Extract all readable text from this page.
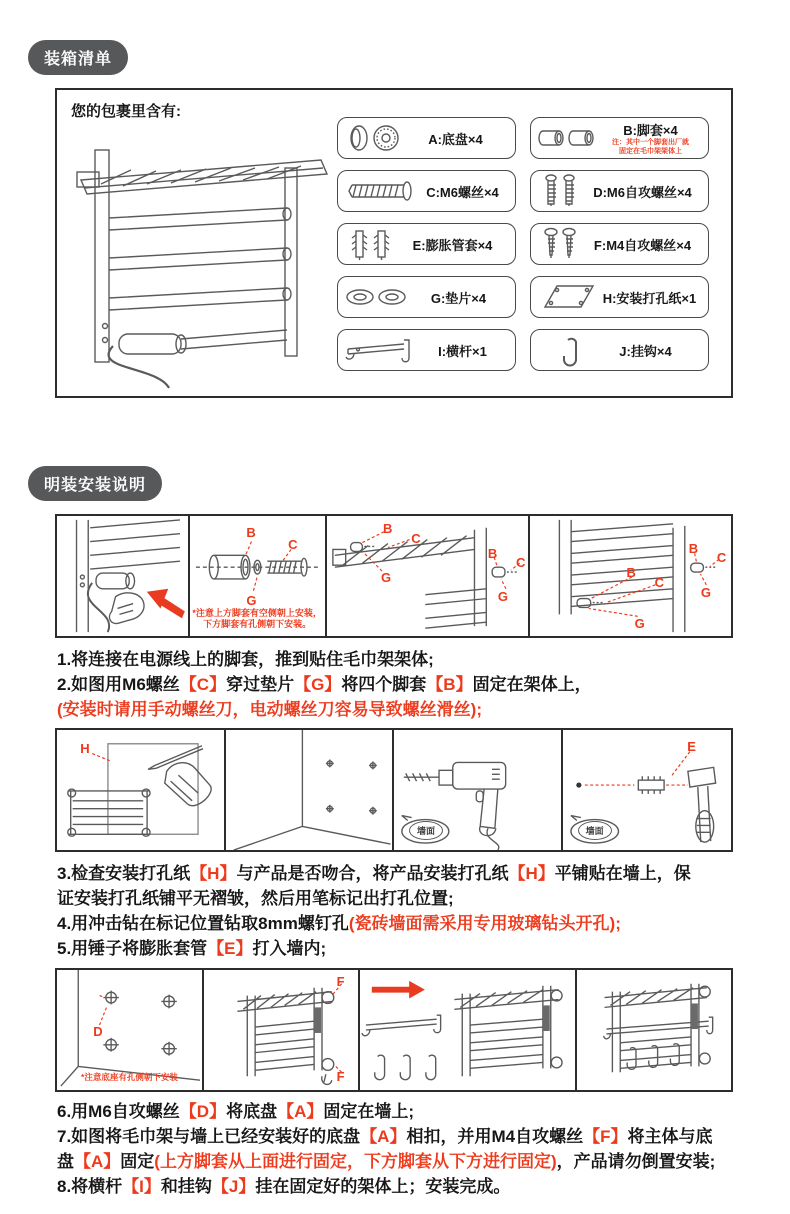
装箱清单
您的包裹里含有:
A:底盘×4
B:脚套×4
注：其中一个脚套出厂就
固定在毛巾架架体上
C:M6螺丝×4	D:M6自攻螺丝×4
E:膨胀管套×4	F:M4自攻螺丝×4
G:垫片×4	H:安装打孔纸×1
I:横杆×1	J:挂钩×4
明装安装说明
B
C
G
*注意上方脚套有空侧朝上安装，
下方脚套有孔侧朝下安装。
B
C
G
B
C
G
B
C
G
B
C
G
1.将连接在电源线上的脚套，推到贴住毛巾架架体;
2.如图用M6螺丝【C】穿过垫片【G】将四个脚套【B】固定在架体上，
(安装时请用手动螺丝刀，电动螺丝刀容易导致螺丝滑丝);
H
墙面
E
墙面
3.检查安装打孔纸【H】与产品是否吻合，将产品安装打孔纸【H】平铺贴在墙上，保
证安装打孔纸铺平无褶皱，然后用笔标记出打孔位置;
4.用冲击钻在标记位置钻取8mm螺钉孔(瓷砖墙面需采用专用玻璃钻头开孔);
5.用锤子将膨胀套管【E】打入墙内;
D
*注意底座有孔侧朝下安装
F
F
6.用M6自攻螺丝【D】将底盘【A】固定在墙上;
7.如图将毛巾架与墙上已经安装好的底盘【A】相扣，并用M4自攻螺丝【F】将主体与底
盘【A】固定(上方脚套从上面进行固定，下方脚套从下方进行固定)，产品请勿倒置安装;
8.将横杆【I】和挂钩【J】挂在固定好的架体上；安装完成。
